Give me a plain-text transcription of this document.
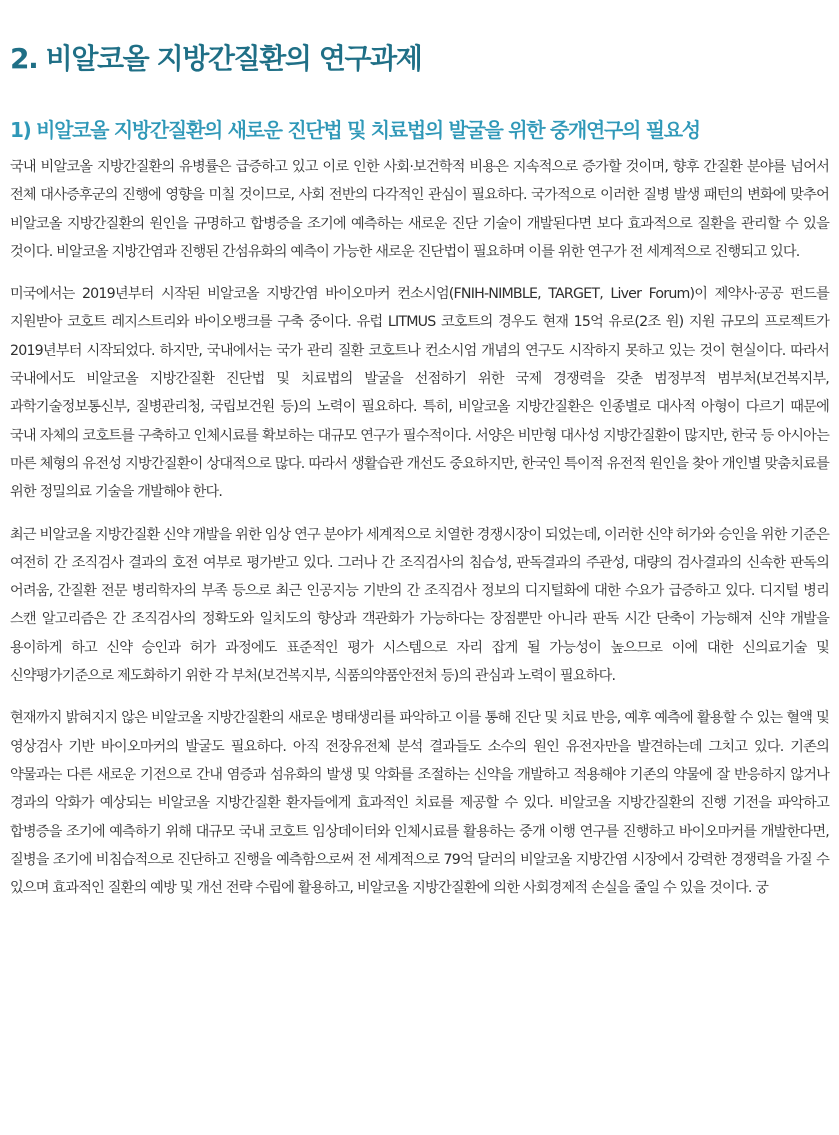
2. 비알코올 지방간질환의 연구과제
1) 비알코올 지방간질환의 새로운 진단법 및 치료법의 발굴을 위한 중개연구의 필요성

국내 비알코올 지방간질환의 유병률은 급증하고 있고 이로 인한 사회·보건학적 비용은 지속적으로 증가할 것이며, 향후 간질환 분야를 넘어서 전체 대사증후군의 진행에 영향을 미칠 것이므로, 사회 전반의 다각적인 관심이 필요하다. 국가적으로 이러한 질병 발생 패턴의 변화에 맞추어 비알코올 지방간질환의 원인을 규명하고 합병증을 조기에 예측하는 새로운 진단 기술이 개발된다면 보다 효과적으로 질환을 관리할 수 있을 것이다. 비알코올 지방간염과 진행된 간섬유화의 예측이 가능한 새로운 진단법이 필요하며 이를 위한 연구가 전 세계적으로 진행되고 있다.

미국에서는 2019년부터 시작된 비알코올 지방간염 바이오마커 컨소시엄(FNIH-NIMBLE, TARGET, Liver Forum)이 제약사·공공 펀드를 지원받아 코호트 레지스트리와 바이오뱅크를 구축 중이다. 유럽 LITMUS 코호트의 경우도 현재 15억 유로(2조 원) 지원 규모의 프로젝트가 2019년부터 시작되었다. 하지만, 국내에서는 국가 관리 질환 코호트나 컨소시엄 개념의 연구도 시작하지 못하고 있는 것이 현실이다. 따라서 국내에서도 비알코올 지방간질환 진단법 및 치료법의 발굴을 선점하기 위한 국제 경쟁력을 갖춘 범정부적 범부처(보건복지부, 과학기술정보통신부, 질병관리청, 국립보건원 등)의 노력이 필요하다. 특히, 비알코올 지방간질환은 인종별로 대사적 아형이 다르기 때문에 국내 자체의 코호트를 구축하고 인체시료를 확보하는 대규모 연구가 필수적이다. 서양은 비만형 대사성 지방간질환이 많지만, 한국 등 아시아는 마른 체형의 유전성 지방간질환이 상대적으로 많다. 따라서 생활습관 개선도 중요하지만, 한국인 특이적 유전적 원인을 찾아 개인별 맞춤치료를 위한 정밀의료 기술을 개발해야 한다.

최근 비알코올 지방간질환 신약 개발을 위한 임상 연구 분야가 세계적으로 치열한 경쟁시장이 되었는데, 이러한 신약 허가와 승인을 위한 기준은 여전히 간 조직검사 결과의 호전 여부로 평가받고 있다. 그러나 간 조직검사의 침습성, 판독결과의 주관성, 대량의 검사결과의 신속한 판독의 어려움, 간질환 전문 병리학자의 부족 등으로 최근 인공지능 기반의 간 조직검사 정보의 디지털화에 대한 수요가 급증하고 있다. 디지털 병리 스캔 알고리즘은 간 조직검사의 정확도와 일치도의 향상과 객관화가 가능하다는 장점뿐만 아니라 판독 시간 단축이 가능해져 신약 개발을 용이하게 하고 신약 승인과 허가 과정에도 표준적인 평가 시스템으로 자리 잡게 될 가능성이 높으므로 이에 대한 신의료기술 및 신약평가기준으로 제도화하기 위한 각 부처(보건복지부, 식품의약품안전처 등)의 관심과 노력이 필요하다.

현재까지 밝혀지지 않은 비알코올 지방간질환의 새로운 병태생리를 파악하고 이를 통해 진단 및 치료 반응, 예후 예측에 활용할 수 있는 혈액 및 영상검사 기반 바이오마커의 발굴도 필요하다. 아직 전장유전체 분석 결과들도 소수의 원인 유전자만을 발견하는데 그치고 있다. 기존의 약물과는 다른 새로운 기전으로 간내 염증과 섬유화의 발생 및 악화를 조절하는 신약을 개발하고 적용해야 기존의 약물에 잘 반응하지 않거나 경과의 악화가 예상되는 비알코올 지방간질환 환자들에게 효과적인 치료를 제공할 수 있다. 비알코올 지방간질환의 진행 기전을 파악하고 합병증을 조기에 예측하기 위해 대규모 국내 코호트 임상데이터와 인체시료를 활용하는 중개 이행 연구를 진행하고 바이오마커를 개발한다면, 질병을 조기에 비침습적으로 진단하고 진행을 예측함으로써 전 세계적으로 79억 달러의 비알코올 지방간염 시장에서 강력한 경쟁력을 가질 수 있으며 효과적인 질환의 예방 및 개선 전략 수립에 활용하고, 비알코올 지방간질환에 의한 사회경제적 손실을 줄일 수 있을 것이다. 궁
